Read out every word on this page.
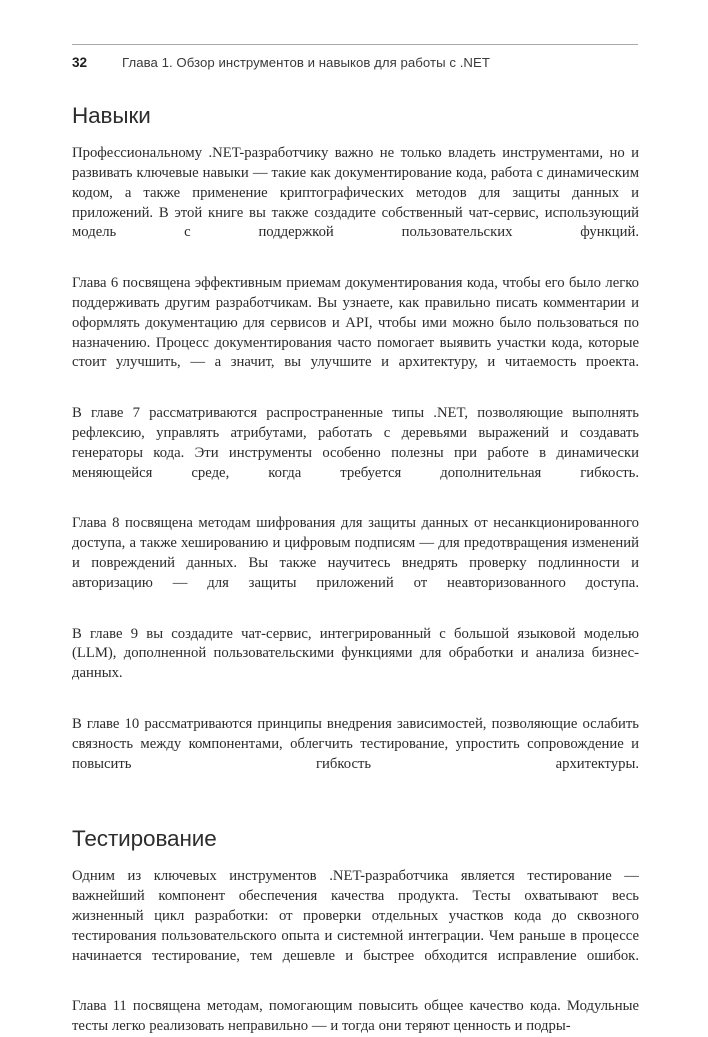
32	Глава 1. Обзор инструментов и навыков для работы с .NET
Навыки

Профессиональному .NET-разработчику важно не только владеть инструментами, но и развивать ключевые навыки — такие как документирование кода, работа с динамическим кодом, а также применение криптографических методов для защиты данных и приложений. В этой книге вы также создадите собственный чат-сервис, использующий модель с поддержкой пользовательских функций.

Глава 6 посвящена эффективным приемам документирования кода, чтобы его было легко поддерживать другим разработчикам. Вы узнаете, как правильно писать комментарии и оформлять документацию для сервисов и API, чтобы ими можно было пользоваться по назначению. Процесс документирования часто помогает выявить участки кода, которые стоит улучшить, — а значит, вы улучшите и архитектуру, и читаемость проекта.

В главе 7 рассматриваются распространенные типы .NET, позволяющие выполнять рефлексию, управлять атрибутами, работать с деревьями выражений и создавать генераторы кода. Эти инструменты особенно полезны при работе в динамически меняющейся среде, когда требуется дополнительная гибкость.

Глава 8 посвящена методам шифрования для защиты данных от несанкционированного доступа, а также хешированию и цифровым подписям — для предотвращения изменений и повреждений данных. Вы также научитесь внедрять проверку подлинности и авторизацию — для защиты приложений от неавторизованного доступа.

В главе 9 вы создадите чат-сервис, интегрированный с большой языковой моделью (LLM), дополненной пользовательскими функциями для обработки и анализа бизнес-данных.

В главе 10 рассматриваются принципы внедрения зависимостей, позволяющие ослабить связность между компонентами, облегчить тестирование, упростить сопровождение и повысить гибкость архитектуры.

Тестирование

Одним из ключевых инструментов .NET-разработчика является тестирование — важнейший компонент обеспечения качества продукта. Тесты охватывают весь жизненный цикл разработки: от проверки отдельных участков кода до сквозного тестирования пользовательского опыта и системной интеграции. Чем раньше в процессе начинается тестирование, тем дешевле и быстрее обходится исправление ошибок.

Глава 11 посвящена методам, помогающим повысить общее качество кода. Модульные тесты легко реализовать неправильно — и тогда они теряют ценность и подры-
